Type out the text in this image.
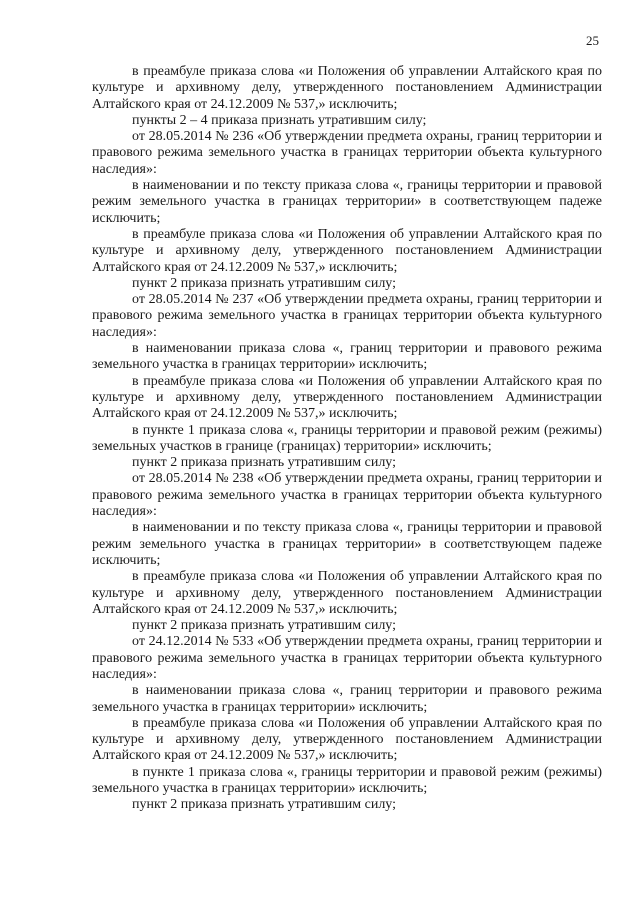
25

в преамбуле приказа слова «и Положения об управлении Алтайского края по культуре и архивному делу, утвержденного постановлением Администрации Алтайского края от 24.12.2009 № 537,» исключить;

пункты 2 – 4 приказа признать утратившим силу;

от 28.05.2014 № 236 «Об утверждении предмета охраны, границ территории и правового режима земельного участка в границах территории объекта культурного наследия»:

в наименовании и по тексту приказа слова «, границы территории и правовой режим земельного участка в границах территории» в соответствующем падеже исключить;

в преамбуле приказа слова «и Положения об управлении Алтайского края по культуре и архивному делу, утвержденного постановлением Администрации Алтайского края от 24.12.2009 № 537,» исключить;

пункт 2 приказа признать утратившим силу;

от 28.05.2014 № 237 «Об утверждении предмета охраны, границ территории и правового режима земельного участка в границах территории объекта культурного наследия»:

в наименовании приказа слова «, границ территории и правового режима земельного участка в границах территории» исключить;

в преамбуле приказа слова «и Положения об управлении Алтайского края по культуре и архивному делу, утвержденного постановлением Администрации Алтайского края от 24.12.2009 № 537,» исключить;

в пункте 1 приказа слова «, границы территории и правовой режим (режимы) земельных участков в границе (границах) территории» исключить;

пункт 2 приказа признать утратившим силу;

от 28.05.2014 № 238 «Об утверждении предмета охраны, границ территории и правового режима земельного участка в границах территории объекта культурного наследия»:

в наименовании и по тексту приказа слова «, границы территории и правовой режим земельного участка в границах территории» в соответствующем падеже исключить;

в преамбуле приказа слова «и Положения об управлении Алтайского края по культуре и архивному делу, утвержденного постановлением Администрации Алтайского края от 24.12.2009 № 537,» исключить;

пункт 2 приказа признать утратившим силу;

от 24.12.2014 № 533 «Об утверждении предмета охраны, границ территории и правового режима земельного участка в границах территории объекта культурного наследия»:

в наименовании приказа слова «, границ территории и правового режима земельного участка в границах территории» исключить;

в преамбуле приказа слова «и Положения об управлении Алтайского края по культуре и архивному делу, утвержденного постановлением Администрации Алтайского края от 24.12.2009 № 537,» исключить;

в пункте 1 приказа слова «, границы территории и правовой режим (режимы) земельного участка в границах территории» исключить;

пункт 2 приказа признать утратившим силу;
